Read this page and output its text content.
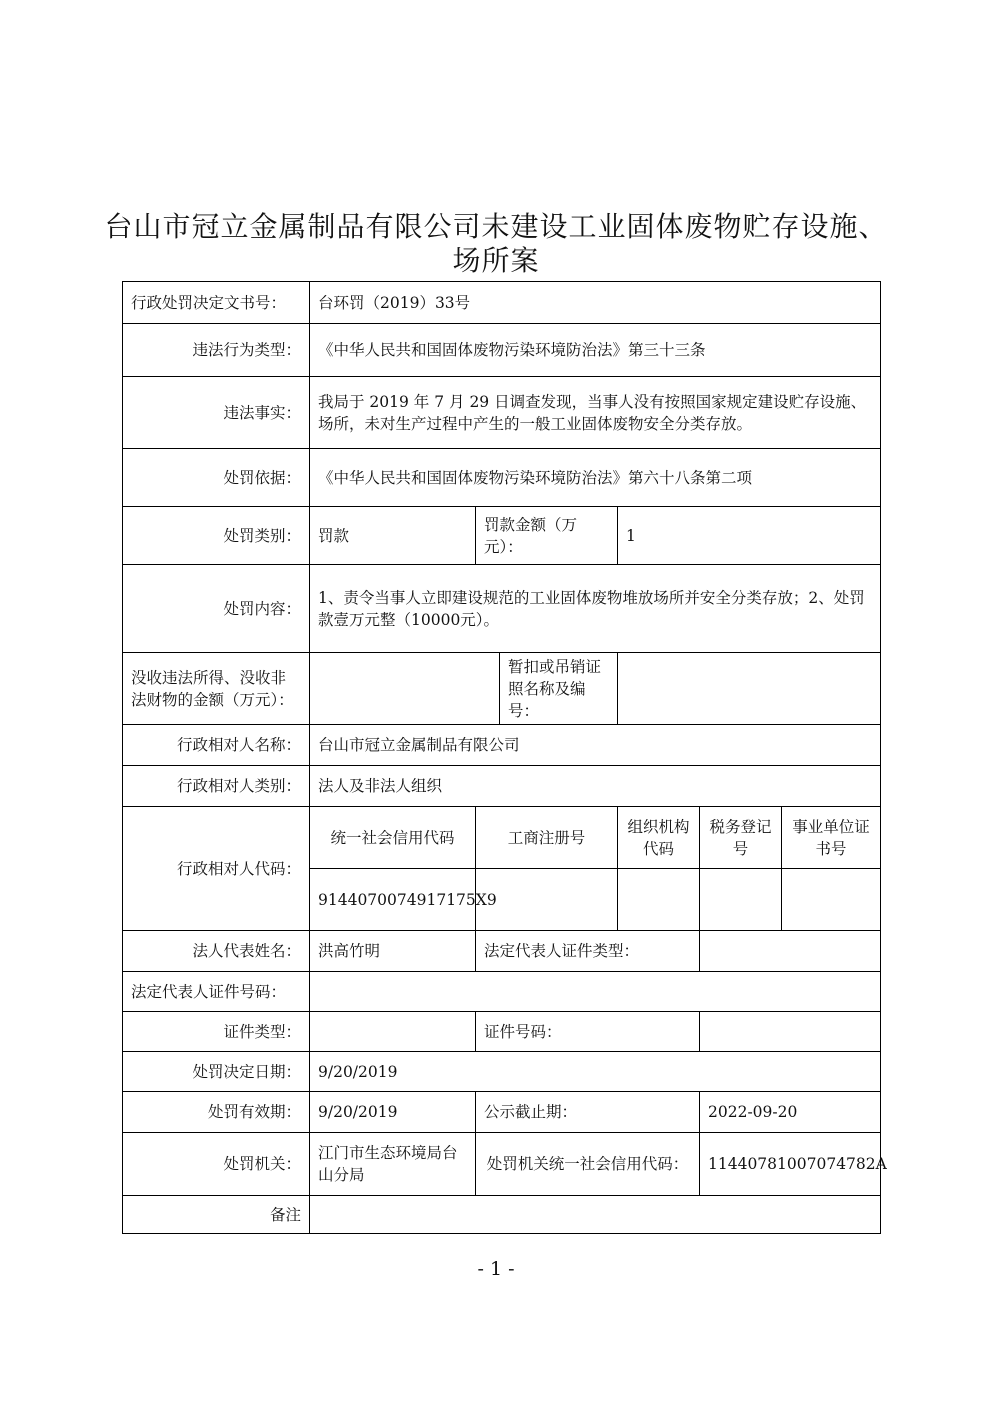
台山市冠立金属制品有限公司未建设工业固体废物贮存设施、场所案
行政处罚决定文书号：	台环罚（2019）33号					
违法行为类型：	《中华人民共和国固体废物污染环境防治法》第三十三条					
违法事实：	我局于 2019 年 7 月 29 日调查发现，当事人没有按照国家规定建设贮存设施、场所，未对生产过程中产生的一般工业固体废物安全分类存放。					
处罚依据：	《中华人民共和国固体废物污染环境防治法》第六十八条第二项					
处罚类别：	罚款	罚款金额（万元）：		1		
处罚内容：	1、责令当事人立即建设规范的工业固体废物堆放场所并安全分类存放；2、处罚款壹万元整（10000元）。					
没收违法所得、没收非法财物的金额（万元）：			暂扣或吊销证照名称及编号：			
行政相对人名称：	台山市冠立金属制品有限公司					
行政相对人类别：	法人及非法人组织					
行政相对人代码：	统一社会信用代码	工商注册号		组织机构代码	税务登记号	事业单位证书号
	9144070074917175X9					
法人代表姓名：	洪高竹明	法定代表人证件类型：				
法定代表人证件号码：						
证件类型：		证件号码：				
处罚决定日期：	9/20/2019					
处罚有效期：	9/20/2019	公示截止期：			2022-09-20	
处罚机关：	江门市生态环境局台山分局	处罚机关统一社会信用代码：			11440781007074782A	
备注						
- 1 -
